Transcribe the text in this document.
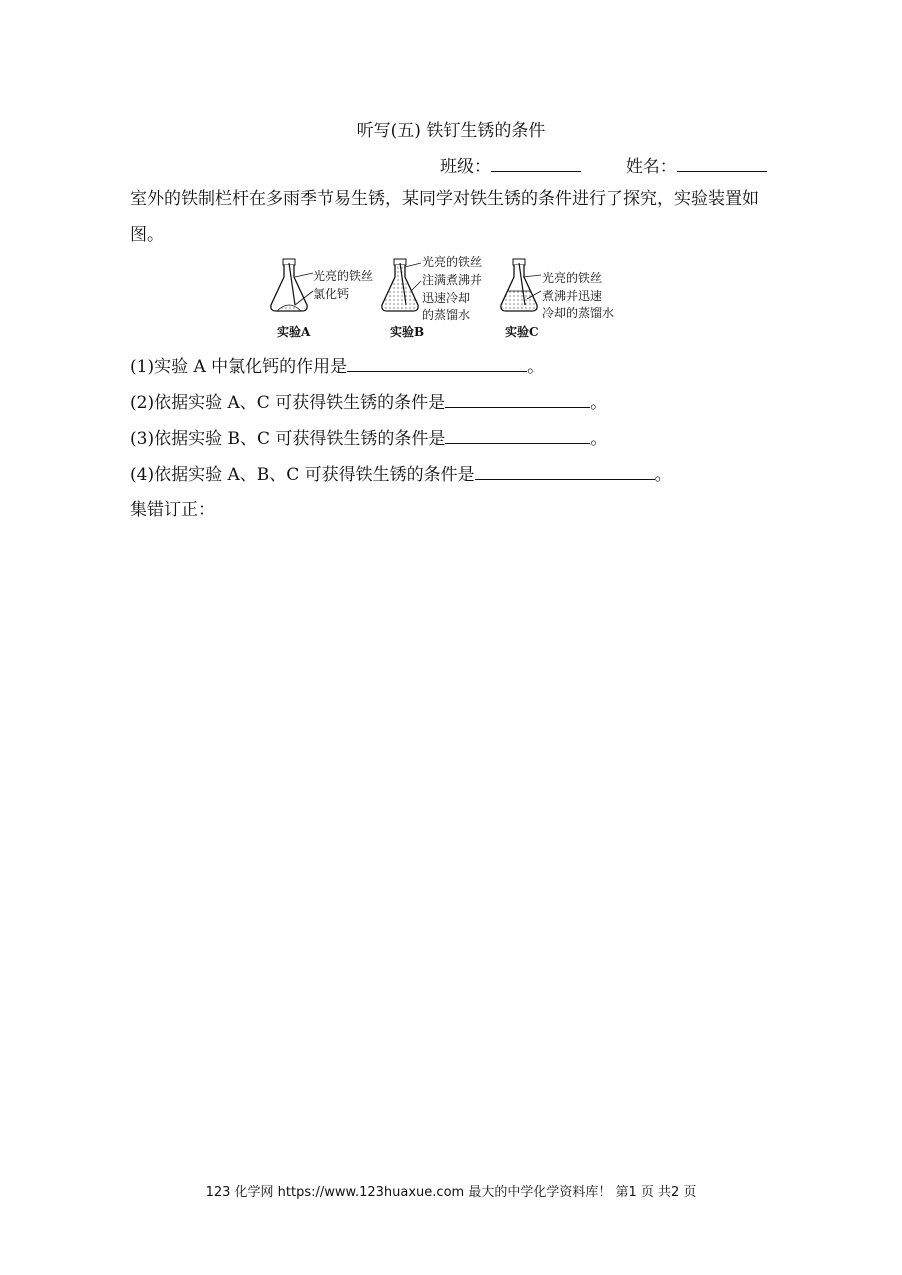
听写(五) 铁钉生锈的条件
班级：	姓名：
室外的铁制栏杆在多雨季节易生锈，某同学对铁生锈的条件进行了探究，实验装置如图。
光亮的铁丝
氯化钙
实验A
光亮的铁丝
注满煮沸并
迅速冷却
的蒸馏水
实验B
光亮的铁丝
煮沸并迅速
冷却的蒸馏水
实验C
(1)实验 A 中氯化钙的作用是	。
(2)依据实验 A、C 可获得铁生锈的条件是	。
(3)依据实验 B、C 可获得铁生锈的条件是	。
(4)依据实验 A、B、C 可获得铁生锈的条件是	。
集错订正：
123 化学网 https://www.123huaxue.com 最大的中学化学资料库！ 第1 页 共2 页
